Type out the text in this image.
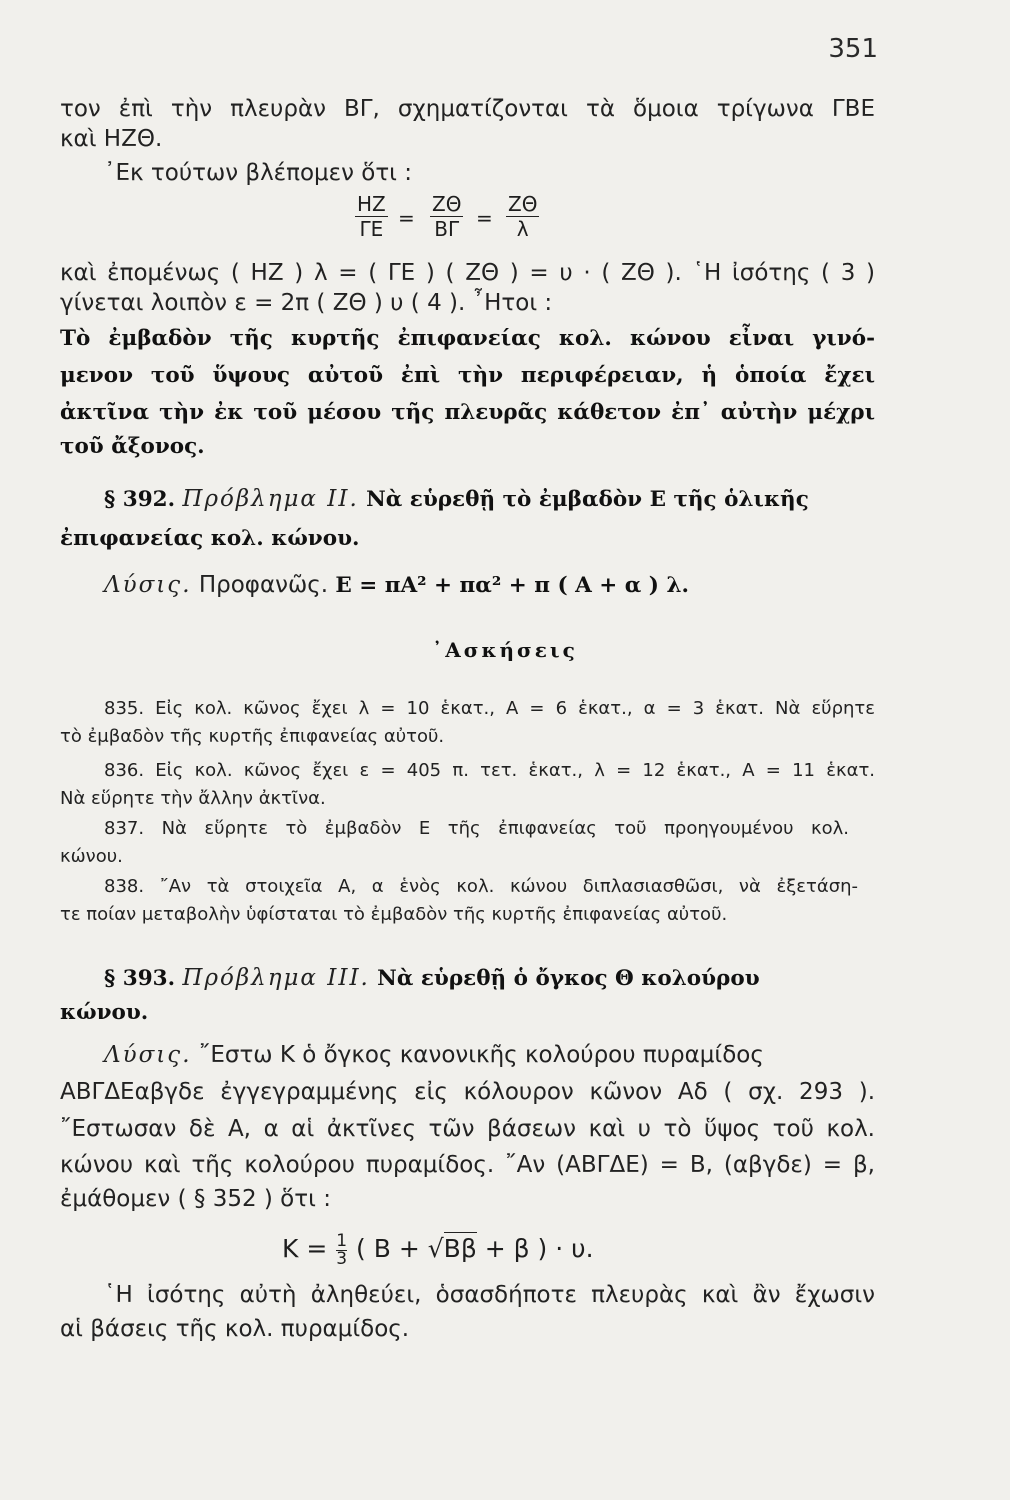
351
τον ἐπὶ τὴν πλευρὰν ΒΓ, σχηματίζονται τὰ ὅμοια τρίγωνα ΓΒΕ
καὶ ΗΖΘ.
᾿Εκ τούτων βλέπομεν ὅτι :
ΗΖ
ΓΕ =
ΖΘ
ΒΓ =
ΖΘ
λ
καὶ ἐπομένως ( ΗΖ ) λ = ( ΓΕ ) ( ΖΘ ) = υ · ( ΖΘ ). ῾Η ἰσότης ( 3 )
γίνεται λοιπὸν ε = 2π ( ΖΘ ) υ ( 4 ). ῏Ητοι :
Τὸ ἐμβαδὸν τῆς κυρτῆς ἐπιφανείας κολ. κώνου εἶναι γινό-
μενον τοῦ ὕψους αὐτοῦ ἐπὶ τὴν περιφέρειαν, ἡ ὁποία ἔχει
ἀκτῖνα τὴν ἐκ τοῦ μέσου τῆς πλευρᾶς κάθετον ἐπ᾿ αὐτὴν μέχρι
τοῦ ἄξονος.
§ 392. Πρόβλημα ΙΙ. Νὰ εὑρεθῇ τὸ ἐμβαδὸν Ε τῆς ὁλικῆς
ἐπιφανείας κολ. κώνου.
Λύσις. Προφανῶς. Ε = πΑ² + πα² + π ( Α + α ) λ.
᾿Ασκήσεις
835. Εἰς κολ. κῶνος ἔχει λ = 10 ἑκατ., Α = 6 ἑκατ., α = 3 ἑκατ. Νὰ εὕρητε
τὸ ἐμβαδὸν τῆς κυρτῆς ἐπιφανείας αὐτοῦ.
836. Εἰς κολ. κῶνος ἔχει ε = 405 π. τετ. ἑκατ., λ = 12 ἑκατ., Α = 11 ἑκατ.
Νὰ εὕρητε τὴν ἄλλην ἀκτῖνα.
837. Νὰ εὕρητε τὸ ἐμβαδὸν Ε τῆς ἐπιφανείας τοῦ προηγουμένου κολ.
κώνου.
838. ῎Αν τὰ στοιχεῖα Α, α ἑνὸς κολ. κώνου διπλασιασθῶσι, νὰ ἐξετάση-
τε ποίαν μεταβολὴν ὑφίσταται τὸ ἐμβαδὸν τῆς κυρτῆς ἐπιφανείας αὐτοῦ.
§ 393. Πρόβλημα ΙΙΙ. Νὰ εὑρεθῇ ὁ ὄγκος Θ κολούρου
κώνου.
Λύσις. ῎Εστω Κ ὁ ὄγκος κανονικῆς κολούρου πυραμίδος
ΑΒΓΔΕαβγδε ἐγγεγραμμένης εἰς κόλουρον κῶνον Αδ ( σχ. 293 ).
῎Εστωσαν δὲ Α, α αἱ ἀκτῖνες τῶν βάσεων καὶ υ τὸ ὕψος τοῦ κολ.
κώνου καὶ τῆς κολούρου πυραμίδος. ῎Αν (ΑΒΓΔΕ) = Β, (αβγδε) = β,
ἐμάθομεν ( § 352 ) ὅτι :
$K = \frac{1}{3}$ ( Β + √Ββ + β ) · υ.
῾Η ἰσότης αὐτὴ ἀληθεύει, ὁσασδήποτε πλευρὰς καὶ ἂν ἔχωσιν
αἱ βάσεις τῆς κολ. πυραμίδος.
